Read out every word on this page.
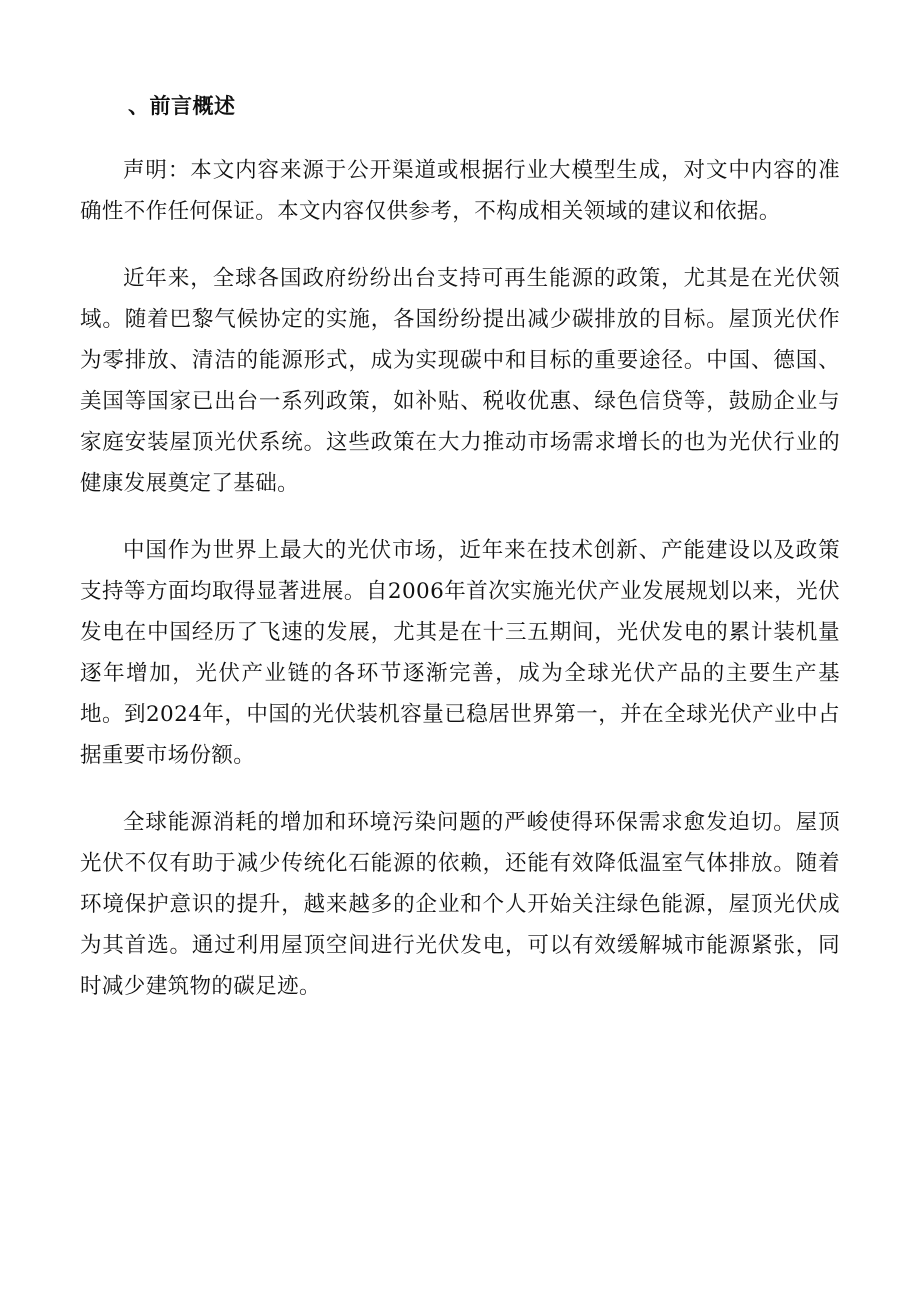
、前言概述

声明：本文内容来源于公开渠道或根据行业大模型生成，对文中内容的准确性不作任何保证。本文内容仅供参考，不构成相关领域的建议和依据。

近年来，全球各国政府纷纷出台支持可再生能源的政策，尤其是在光伏领域。随着巴黎气候协定的实施，各国纷纷提出减少碳排放的目标。屋顶光伏作为零排放、清洁的能源形式，成为实现碳中和目标的重要途径。中国、德国、美国等国家已出台一系列政策，如补贴、税收优惠、绿色信贷等，鼓励企业与家庭安装屋顶光伏系统。这些政策在大力推动市场需求增长的也为光伏行业的健康发展奠定了基础。

中国作为世界上最大的光伏市场，近年来在技术创新、产能建设以及政策支持等方面均取得显著进展。自2006年首次实施光伏产业发展规划以来，光伏发电在中国经历了飞速的发展，尤其是在十三五期间，光伏发电的累计装机量逐年增加，光伏产业链的各环节逐渐完善，成为全球光伏产品的主要生产基地。到2024年，中国的光伏装机容量已稳居世界第一，并在全球光伏产业中占据重要市场份额。

全球能源消耗的增加和环境污染问题的严峻使得环保需求愈发迫切。屋顶光伏不仅有助于减少传统化石能源的依赖，还能有效降低温室气体排放。随着环境保护意识的提升，越来越多的企业和个人开始关注绿色能源，屋顶光伏成为其首选。通过利用屋顶空间进行光伏发电，可以有效缓解城市能源紧张，同时减少建筑物的碳足迹。
